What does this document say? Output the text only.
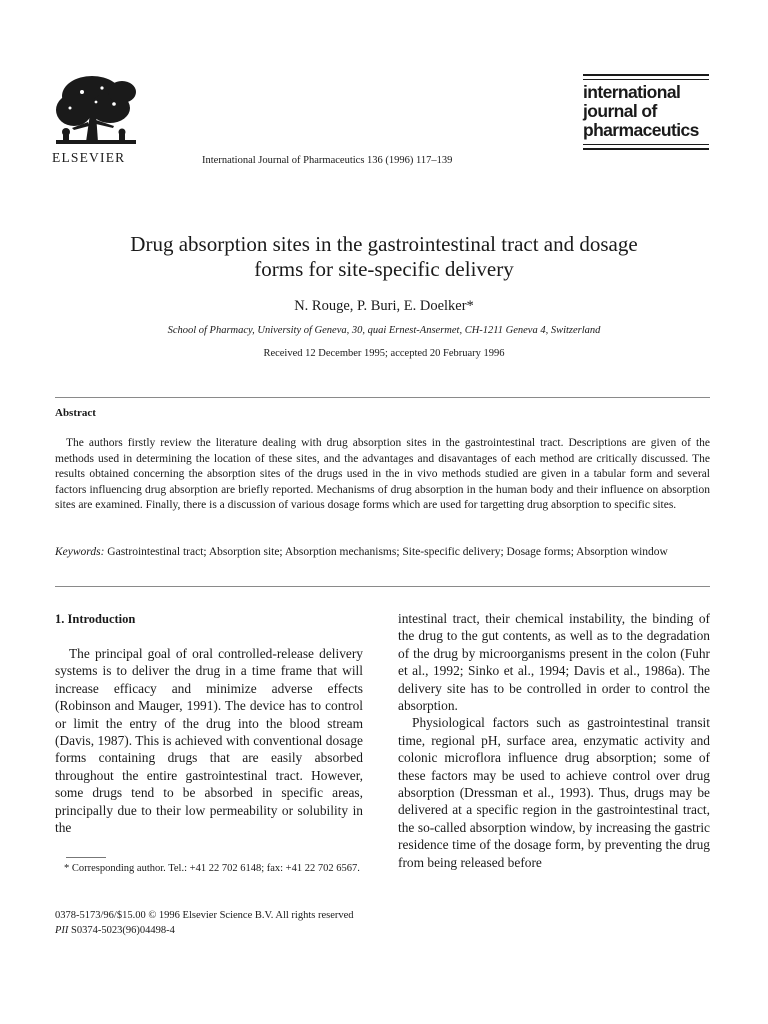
ELSEVIER	International Journal of Pharmaceutics 136 (1996) 117–139
international
journal of
pharmaceutics
Drug absorption sites in the gastrointestinal tract and dosage
forms for site-specific delivery
N. Rouge, P. Buri, E. Doelker*
School of Pharmacy, University of Geneva, 30, quai Ernest-Ansermet, CH-1211 Geneva 4, Switzerland
Received 12 December 1995; accepted 20 February 1996
Abstract

The authors firstly review the literature dealing with drug absorption sites in the gastrointestinal tract. Descriptions are given of the methods used in determining the location of these sites, and the advantages and disavantages of each method are critically discussed. The results obtained concerning the absorption sites of the drugs used in the in vivo methods studied are given in a tabular form and several factors influencing drug absorption are briefly reported. Mechanisms of drug absorption in the human body and their influence on absorption sites are examined. Finally, there is a discussion of various dosage forms which are used for targetting drug absorption to specific sites.

Keywords: Gastrointestinal tract; Absorption site; Absorption mechanisms; Site-specific delivery; Dosage forms; Absorption window

1. Introduction

The principal goal of oral controlled-release delivery systems is to deliver the drug in a time frame that will increase efficacy and minimize adverse effects (Robinson and Mauger, 1991). The device has to control or limit the entry of the drug into the blood stream (Davis, 1987). This is achieved with conventional dosage forms containing drugs that are easily absorbed throughout the entire gastrointestinal tract. However, some drugs tend to be absorbed in specific areas, principally due to their low permeability or solubility in the

intestinal tract, their chemical instability, the binding of the drug to the gut contents, as well as to the degradation of the drug by microorganisms present in the colon (Fuhr et al., 1992; Sinko et al., 1994; Davis et al., 1986a). The delivery site has to be controlled in order to control the absorption.

Physiological factors such as gastrointestinal transit time, regional pH, surface area, enzymatic activity and colonic microflora influence drug absorption; some of these factors may be used to achieve control over drug absorption (Dressman et al., 1993). Thus, drugs may be delivered at a specific region in the gastrointestinal tract, the so-called absorption window, by increasing the gastric residence time of the dosage form, by preventing the drug from being released before

* Corresponding author. Tel.: +41 22 702 6148; fax: +41 22 702 6567.

0378-5173/96/$15.00 © 1996 Elsevier Science B.V. All rights reserved
PII S0374-5023(96)04498-4
